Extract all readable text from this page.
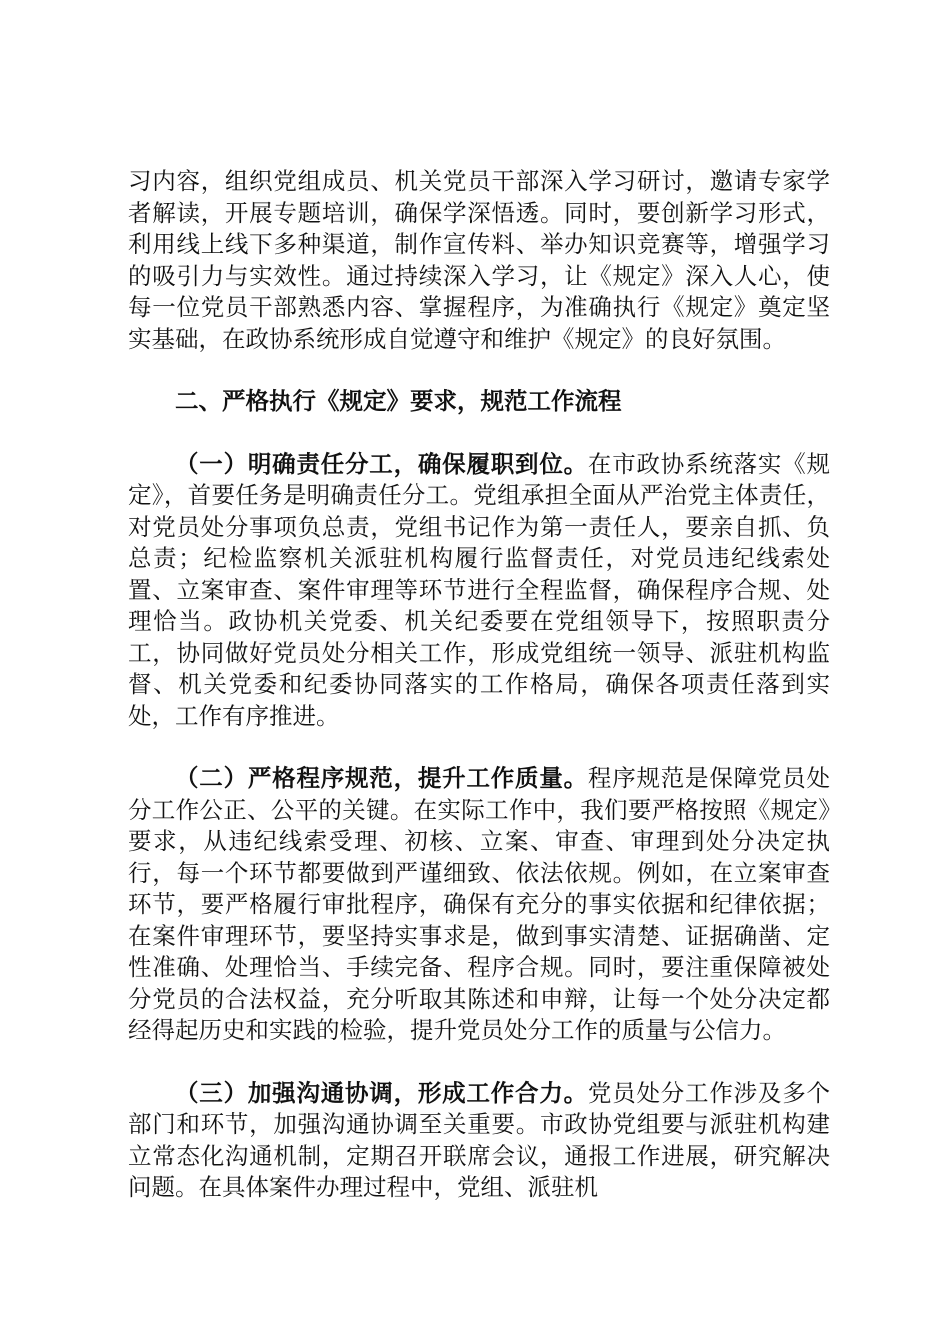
习内容，组织党组成员、机关党员干部深入学习研讨，邀请专家学者解读，开展专题培训，确保学深悟透。同时，要创新学习形式，利用线上线下多种渠道，制作宣传料、举办知识竞赛等，增强学习的吸引力与实效性。通过持续深入学习，让《规定》深入人心，使每一位党员干部熟悉内容、掌握程序，为准确执行《规定》奠定坚实基础，在政协系统形成自觉遵守和维护《规定》的良好氛围。

二、严格执行《规定》要求，规范工作流程

（一）明确责任分工，确保履职到位。在市政协系统落实《规定》，首要任务是明确责任分工。党组承担全面从严治党主体责任，对党员处分事项负总责，党组书记作为第一责任人，要亲自抓、负总责；纪检监察机关派驻机构履行监督责任，对党员违纪线索处置、立案审查、案件审理等环节进行全程监督，确保程序合规、处理恰当。政协机关党委、机关纪委要在党组领导下，按照职责分工，协同做好党员处分相关工作，形成党组统一领导、派驻机构监督、机关党委和纪委协同落实的工作格局，确保各项责任落到实处，工作有序推进。

（二）严格程序规范，提升工作质量。程序规范是保障党员处分工作公正、公平的关键。在实际工作中，我们要严格按照《规定》要求，从违纪线索受理、初核、立案、审查、审理到处分决定执行，每一个环节都要做到严谨细致、依法依规。例如，在立案审查环节，要严格履行审批程序，确保有充分的事实依据和纪律依据；在案件审理环节，要坚持实事求是，做到事实清楚、证据确凿、定性准确、处理恰当、手续完备、程序合规。同时，要注重保障被处分党员的合法权益，充分听取其陈述和申辩，让每一个处分决定都经得起历史和实践的检验，提升党员处分工作的质量与公信力。

（三）加强沟通协调，形成工作合力。党员处分工作涉及多个部门和环节，加强沟通协调至关重要。市政协党组要与派驻机构建立常态化沟通机制，定期召开联席会议，通报工作进展，研究解决问题。在具体案件办理过程中，党组、派驻机
